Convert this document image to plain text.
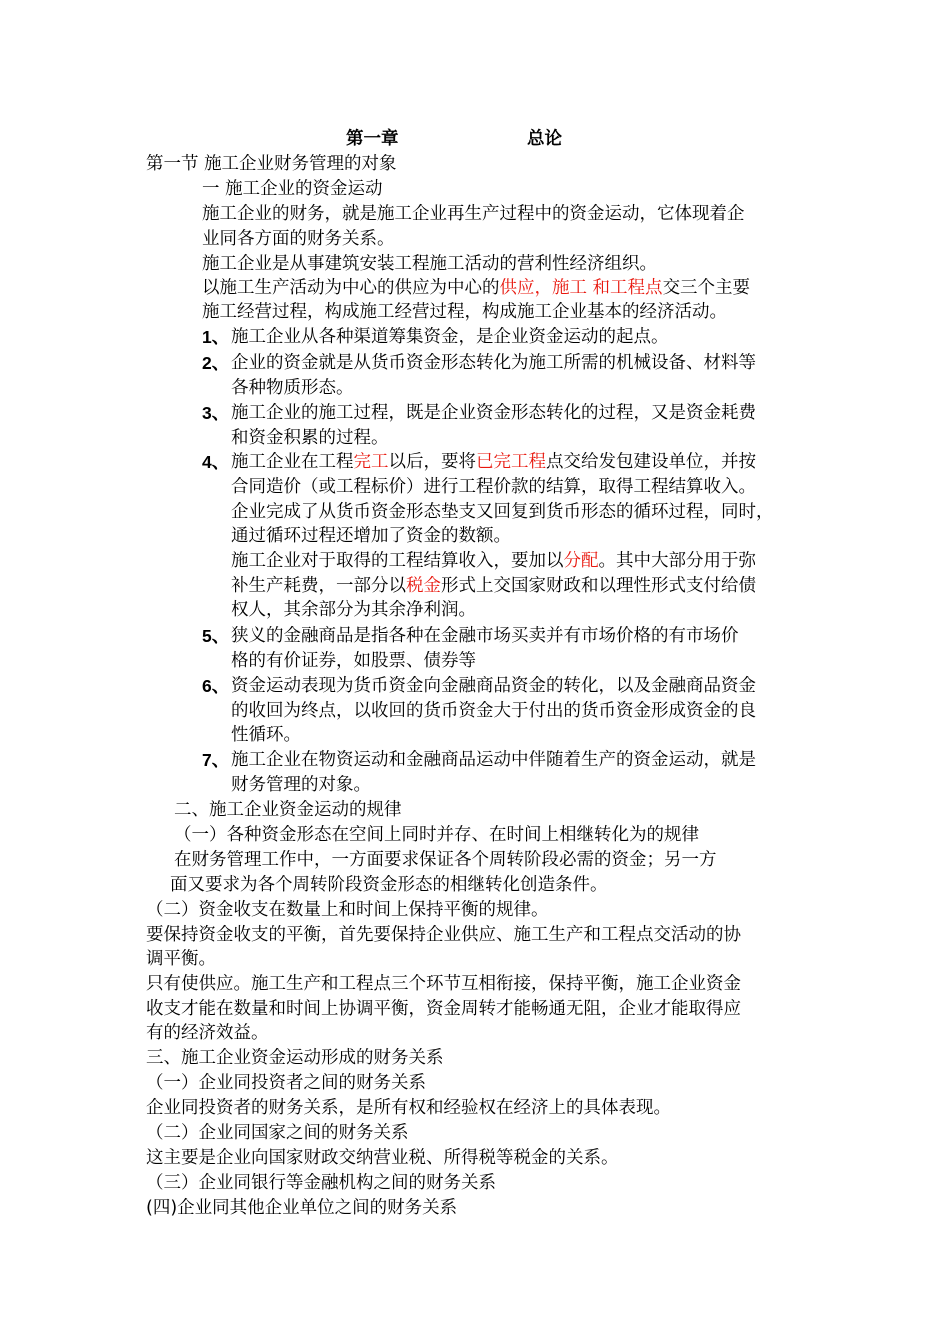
第一章	总论
第一节 施工企业财务管理的对象
一 施工企业的资金运动
施工企业的财务，就是施工企业再生产过程中的资金运动，它体现着企
业同各方面的财务关系。
施工企业是从事建筑安装工程施工活动的营利性经济组织。
以施工生产活动为中心的供应为中心的供应，施工 和工程点交三个主要
施工经营过程，构成施工经营过程，构成施工企业基本的经济活动。
1、 施工企业从各种渠道筹集资金，是企业资金运动的起点。
2、 企业的资金就是从货币资金形态转化为施工所需的机械设备、材料等
各种物质形态。
3、 施工企业的施工过程，既是企业资金形态转化的过程，又是资金耗费
和资金积累的过程。
4、 施工企业在工程完工以后，要将已完工程点交给发包建设单位，并按
合同造价（或工程标价）进行工程价款的结算，取得工程结算收入。
企业完成了从货币资金形态垫支又回复到货币形态的循环过程，同时，
通过循环过程还增加了资金的数额。
施工企业对于取得的工程结算收入，要加以分配。其中大部分用于弥
补生产耗费，一部分以税金形式上交国家财政和以理性形式支付给债
权人，其余部分为其余净利润。
5、 狭义的金融商品是指各种在金融市场买卖并有市场价格的有市场价
格的有价证券，如股票、债券等
6、 资金运动表现为货币资金向金融商品资金的转化，以及金融商品资金
的收回为终点，以收回的货币资金大于付出的货币资金形成资金的良
性循环。
7、 施工企业在物资运动和金融商品运动中伴随着生产的资金运动，就是
财务管理的对象。
二、施工企业资金运动的规律
（一）各种资金形态在空间上同时并存、在时间上相继转化为的规律
在财务管理工作中，一方面要求保证各个周转阶段必需的资金；另一方
面又要求为各个周转阶段资金形态的相继转化创造条件。
（二）资金收支在数量上和时间上保持平衡的规律。
要保持资金收支的平衡，首先要保持企业供应、施工生产和工程点交活动的协
调平衡。
只有使供应。施工生产和工程点三个环节互相衔接，保持平衡，施工企业资金
收支才能在数量和时间上协调平衡，资金周转才能畅通无阻，企业才能取得应
有的经济效益。
三、施工企业资金运动形成的财务关系
（一）企业同投资者之间的财务关系
企业同投资者的财务关系，是所有权和经验权在经济上的具体表现。
（二）企业同国家之间的财务关系
这主要是企业向国家财政交纳营业税、所得税等税金的关系。
（三）企业同银行等金融机构之间的财务关系
(四)企业同其他企业单位之间的财务关系
